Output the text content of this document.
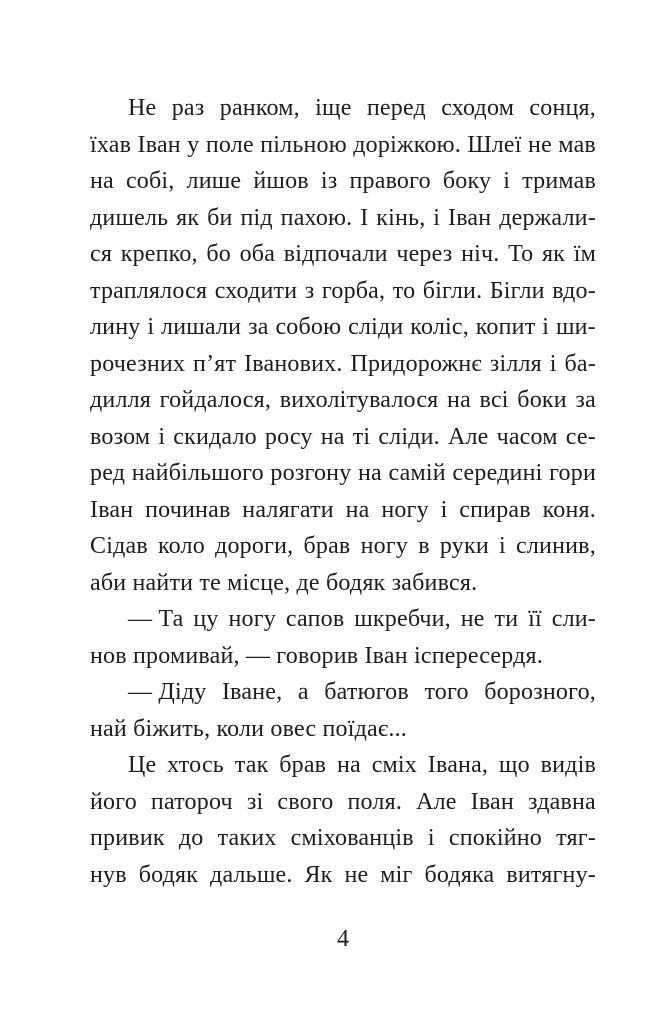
Не раз ранком, іще перед сходом сонця,
їхав Іван у поле пільною доріжкою. Шлеї не мав
на собі, лише йшов із правого боку і тримав
дишель як би під пахою. І кінь, і Іван держали-
ся крепко, бо оба відпочали через ніч. То як їм
траплялося сходити з горба, то бігли. Бігли вдо-
лину і лишали за собою сліди коліс, копит і ши-
рочезних п’ят Іванових. Придорожнє зілля і ба-
дилля гойдалося, вихолітувалося на всі боки за
возом і скидало росу на ті сліди. Але часом се-
ред найбільшого розгону на самій середині гори
Іван починав налягати на ногу і спирав коня.
Сідав коло дороги, брав ногу в руки і слинив,
аби найти те місце, де бодяк забився.
— Та цу ногу сапов шкребчи, не ти її сли-
нов промивай, — говорив Іван іспересердя.
— Діду Іване, а батюгов того борозного,
най біжить, коли овес поїдає...
Це хтось так брав на сміх Івана, що видів
його патороч зі свого поля. Але Іван здавна
привик до таких сміхованців і спокійно тяг-
нув бодяк дальше. Як не міг бодяка витягну-
4
